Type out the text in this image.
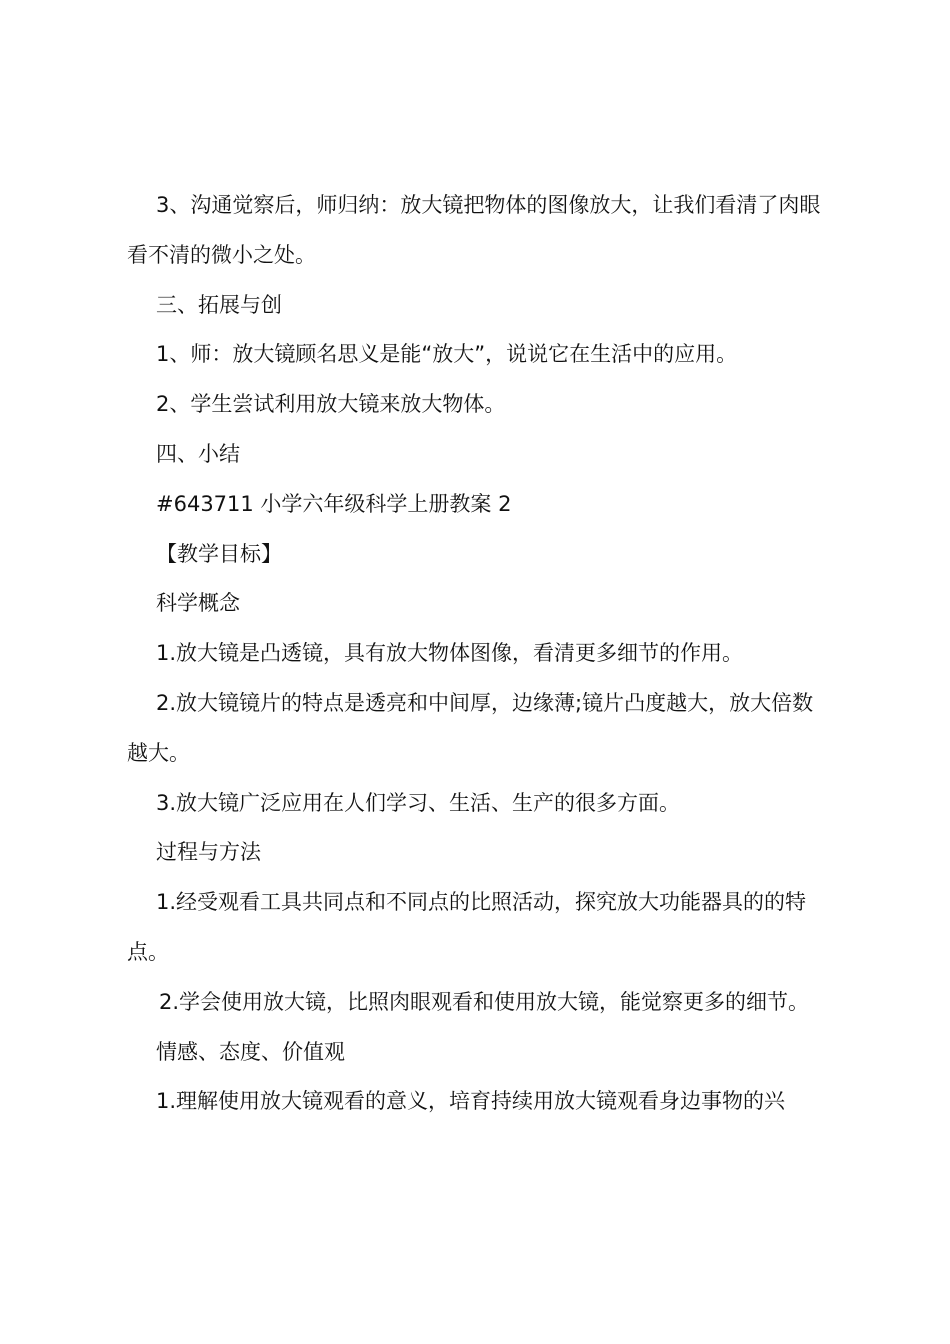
3、沟通觉察后，师归纳：放大镜把物体的图像放大，让我们看清了肉眼看不清的微小之处。

三、拓展与创

1、师：放大镜顾名思义是能“放大”，说说它在生活中的应用。

2、学生尝试利用放大镜来放大物体。

四、小结

#643711 小学六年级科学上册教案 2

【教学目标】

科学概念

1.放大镜是凸透镜，具有放大物体图像，看清更多细节的作用。

2.放大镜镜片的特点是透亮和中间厚，边缘薄;镜片凸度越大，放大倍数越大。

3.放大镜广泛应用在人们学习、生活、生产的很多方面。

过程与方法

1.经受观看工具共同点和不同点的比照活动，探究放大功能器具的的特点。

2.学会使用放大镜，比照肉眼观看和使用放大镜，能觉察更多的细节。

情感、态度、价值观

1.理解使用放大镜观看的意义，培育持续用放大镜观看身边事物的兴
